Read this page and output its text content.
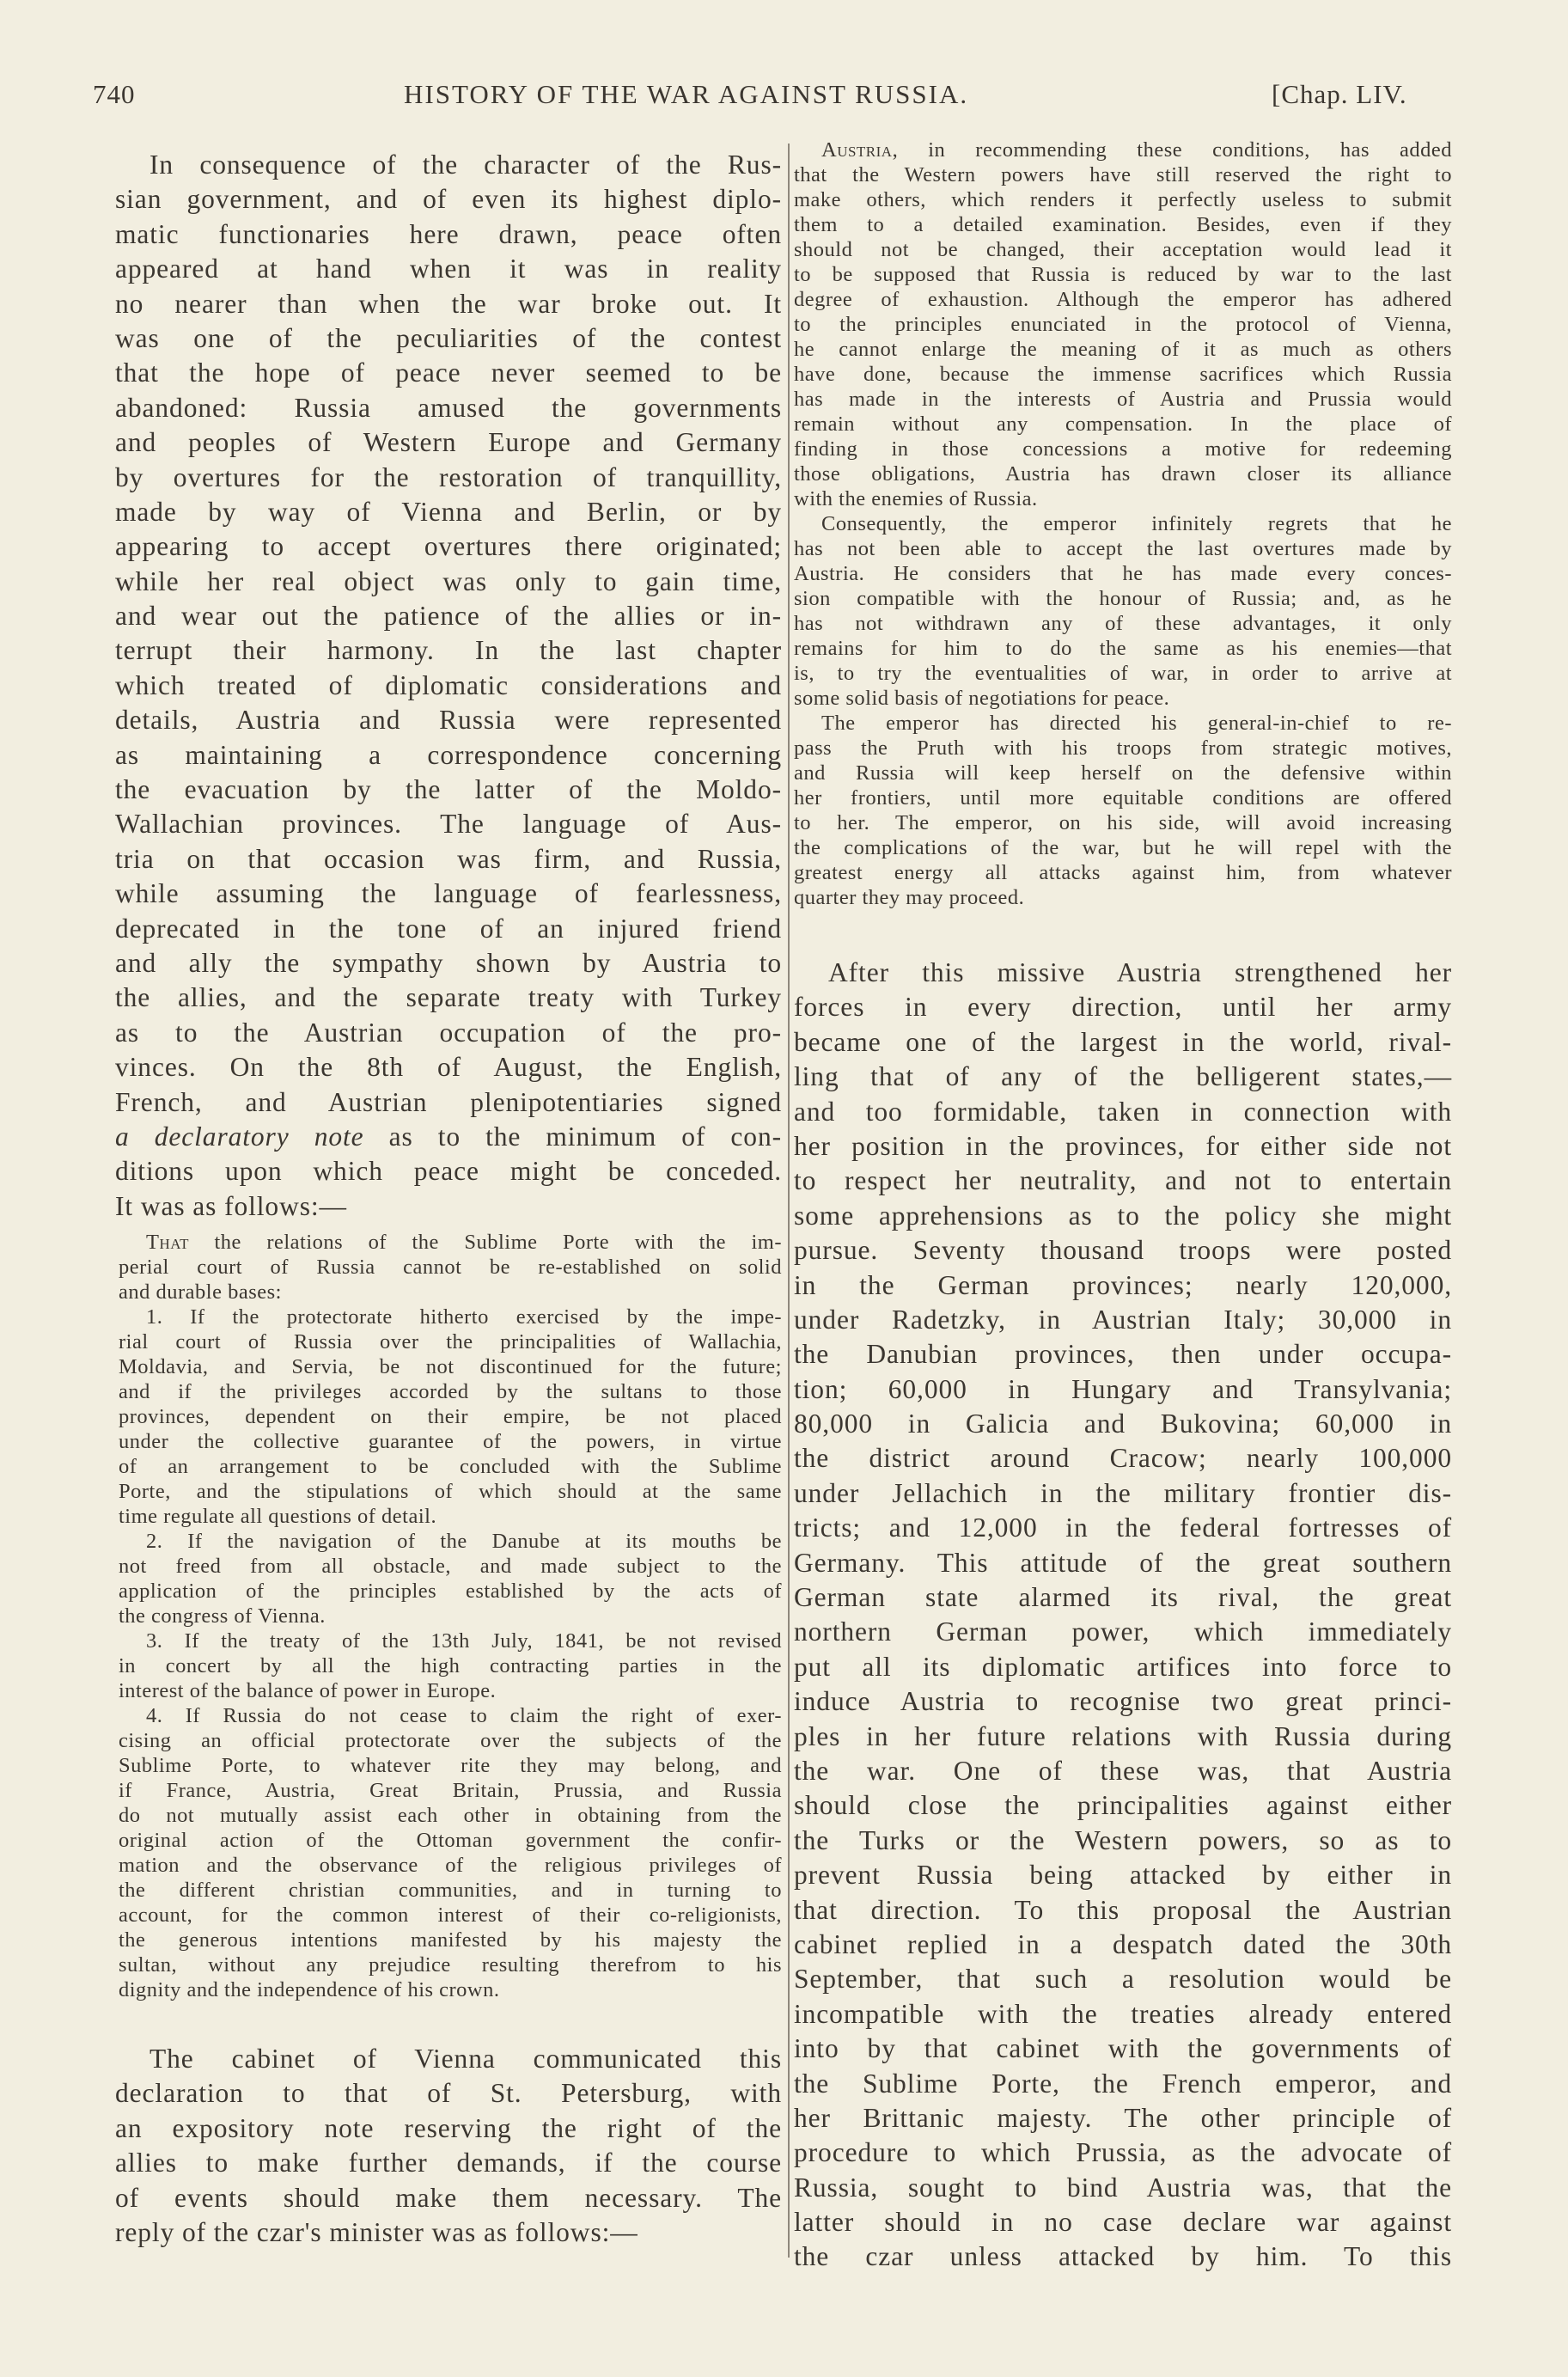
740	HISTORY OF THE WAR AGAINST RUSSIA.	[Chap. LIV.
In consequence of the character of the Rus-
sian government, and of even its highest diplo-
matic functionaries here drawn, peace often
appeared at hand when it was in reality
no nearer than when the war broke out. It
was one of the peculiarities of the contest
that the hope of peace never seemed to be
abandoned: Russia amused the governments
and peoples of Western Europe and Germany
by overtures for the restoration of tranquillity,
made by way of Vienna and Berlin, or by
appearing to accept overtures there originated;
while her real object was only to gain time,
and wear out the patience of the allies or in-
terrupt their harmony. In the last chapter
which treated of diplomatic considerations and
details, Austria and Russia were represented
as maintaining a correspondence concerning
the evacuation by the latter of the Moldo-
Wallachian provinces. The language of Aus-
tria on that occasion was firm, and Russia,
while assuming the language of fearlessness,
deprecated in the tone of an injured friend
and ally the sympathy shown by Austria to
the allies, and the separate treaty with Turkey
as to the Austrian occupation of the pro-
vinces. On the 8th of August, the English,
French, and Austrian plenipotentiaries signed
a declaratory note as to the minimum of con-
ditions upon which peace might be conceded.
It was as follows:—
That the relations of the Sublime Porte with the im-
perial court of Russia cannot be re-established on solid
and durable bases:
1. If the protectorate hitherto exercised by the impe-
rial court of Russia over the principalities of Wallachia,
Moldavia, and Servia, be not discontinued for the future;
and if the privileges accorded by the sultans to those
provinces, dependent on their empire, be not placed
under the collective guarantee of the powers, in virtue
of an arrangement to be concluded with the Sublime
Porte, and the stipulations of which should at the same
time regulate all questions of detail.
2. If the navigation of the Danube at its mouths be
not freed from all obstacle, and made subject to the
application of the principles established by the acts of
the congress of Vienna.
3. If the treaty of the 13th July, 1841, be not revised
in concert by all the high contracting parties in the
interest of the balance of power in Europe.
4. If Russia do not cease to claim the right of exer-
cising an official protectorate over the subjects of the
Sublime Porte, to whatever rite they may belong, and
if France, Austria, Great Britain, Prussia, and Russia
do not mutually assist each other in obtaining from the
original action of the Ottoman government the confir-
mation and the observance of the religious privileges of
the different christian communities, and in turning to
account, for the common interest of their co-religionists,
the generous intentions manifested by his majesty the
sultan, without any prejudice resulting therefrom to his
dignity and the independence of his crown.
The cabinet of Vienna communicated this
declaration to that of St. Petersburg, with
an expository note reserving the right of the
allies to make further demands, if the course
of events should make them necessary. The
reply of the czar's minister was as follows:—
Austria, in recommending these conditions, has added
that the Western powers have still reserved the right to
make others, which renders it perfectly useless to submit
them to a detailed examination. Besides, even if they
should not be changed, their acceptation would lead it
to be supposed that Russia is reduced by war to the last
degree of exhaustion. Although the emperor has adhered
to the principles enunciated in the protocol of Vienna,
he cannot enlarge the meaning of it as much as others
have done, because the immense sacrifices which Russia
has made in the interests of Austria and Prussia would
remain without any compensation. In the place of
finding in those concessions a motive for redeeming
those obligations, Austria has drawn closer its alliance
with the enemies of Russia.
Consequently, the emperor infinitely regrets that he
has not been able to accept the last overtures made by
Austria. He considers that he has made every conces-
sion compatible with the honour of Russia; and, as he
has not withdrawn any of these advantages, it only
remains for him to do the same as his enemies—that
is, to try the eventualities of war, in order to arrive at
some solid basis of negotiations for peace.
The emperor has directed his general-in-chief to re-
pass the Pruth with his troops from strategic motives,
and Russia will keep herself on the defensive within
her frontiers, until more equitable conditions are offered
to her. The emperor, on his side, will avoid increasing
the complications of the war, but he will repel with the
greatest energy all attacks against him, from whatever
quarter they may proceed.
After this missive Austria strengthened her
forces in every direction, until her army
became one of the largest in the world, rival-
ling that of any of the belligerent states,—
and too formidable, taken in connection with
her position in the provinces, for either side not
to respect her neutrality, and not to entertain
some apprehensions as to the policy she might
pursue. Seventy thousand troops were posted
in the German provinces; nearly 120,000,
under Radetzky, in Austrian Italy; 30,000 in
the Danubian provinces, then under occupa-
tion; 60,000 in Hungary and Transylvania;
80,000 in Galicia and Bukovina; 60,000 in
the district around Cracow; nearly 100,000
under Jellachich in the military frontier dis-
tricts; and 12,000 in the federal fortresses of
Germany. This attitude of the great southern
German state alarmed its rival, the great
northern German power, which immediately
put all its diplomatic artifices into force to
induce Austria to recognise two great princi-
ples in her future relations with Russia during
the war. One of these was, that Austria
should close the principalities against either
the Turks or the Western powers, so as to
prevent Russia being attacked by either in
that direction. To this proposal the Austrian
cabinet replied in a despatch dated the 30th
September, that such a resolution would be
incompatible with the treaties already entered
into by that cabinet with the governments of
the Sublime Porte, the French emperor, and
her Brittanic majesty. The other principle of
procedure to which Prussia, as the advocate of
Russia, sought to bind Austria was, that the
latter should in no case declare war against
the czar unless attacked by him. To this
